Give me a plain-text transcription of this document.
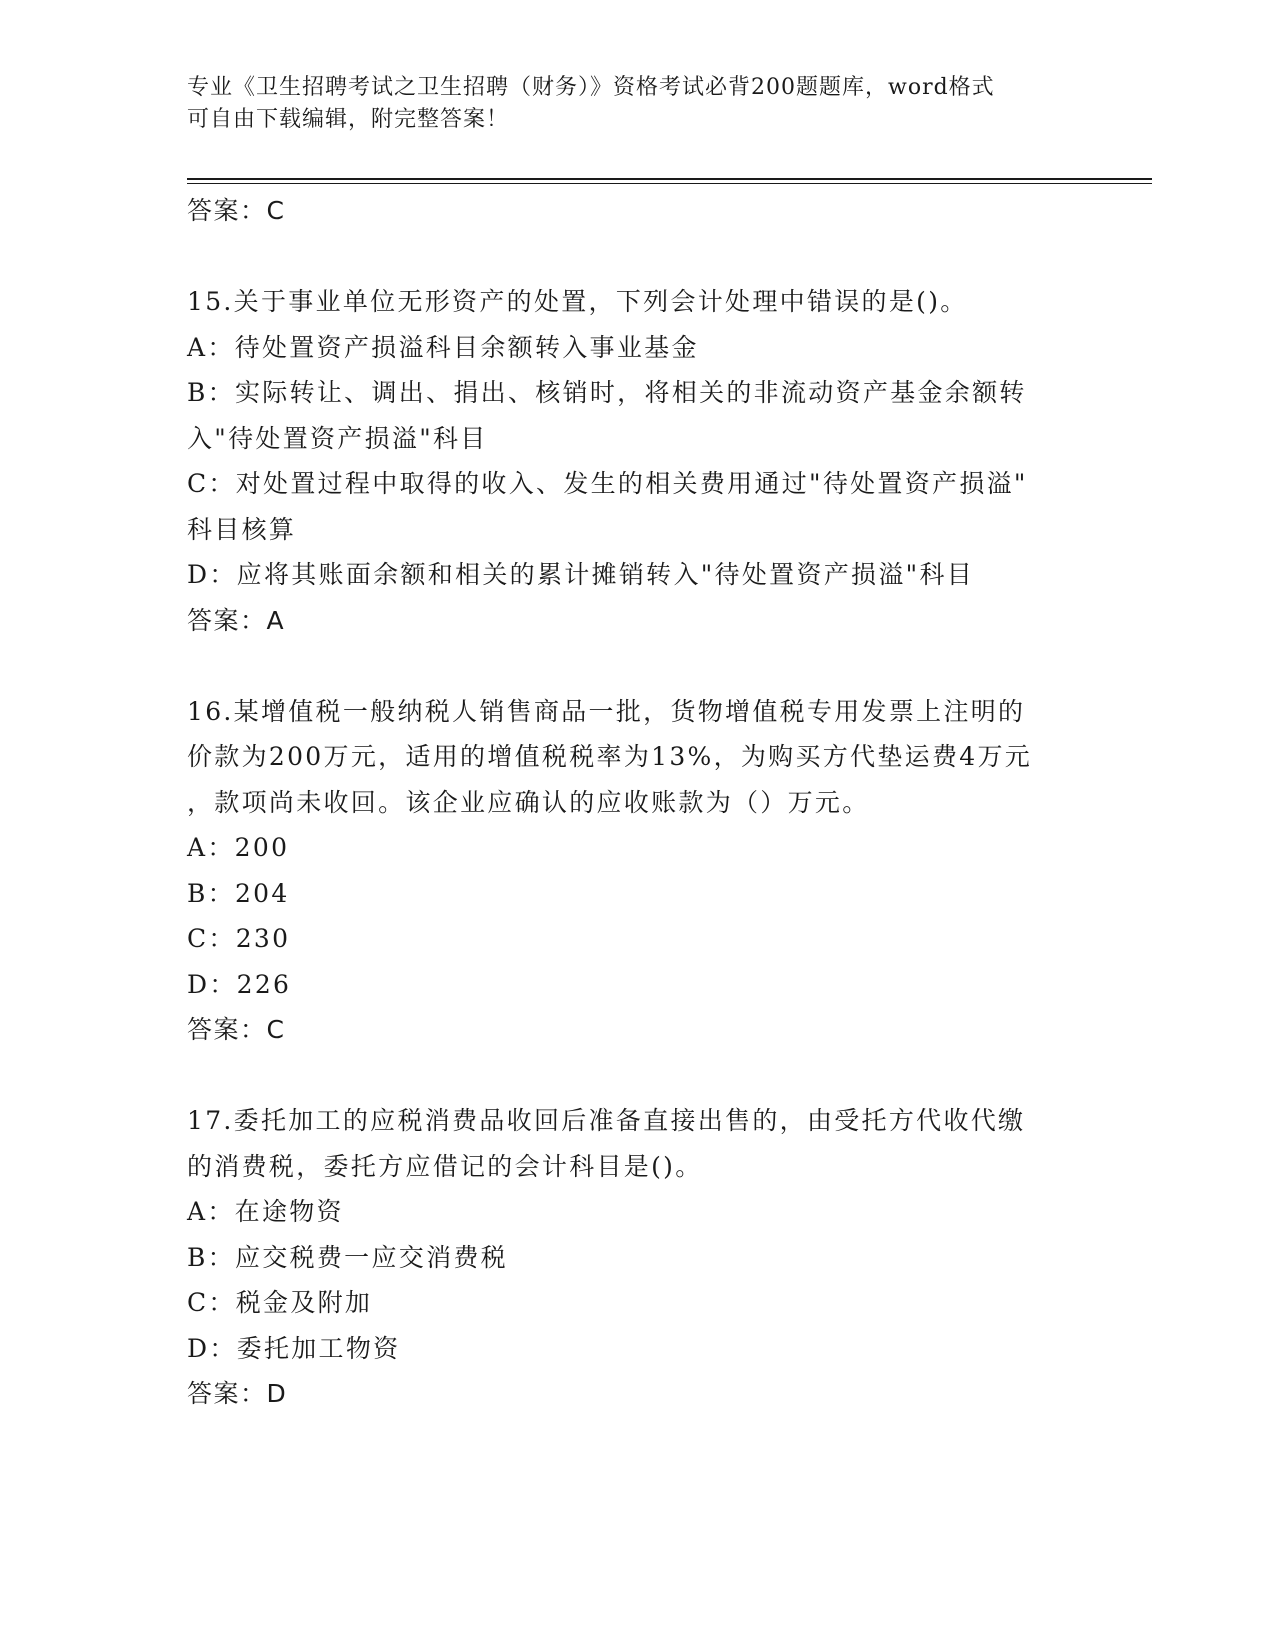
专业《卫生招聘考试之卫生招聘（财务）》资格考试必背200题题库，word格式
可自由下载编辑，附完整答案！
答案：C
15.关于事业单位无形资产的处置，下列会计处理中错误的是()。
A：待处置资产损溢科目余额转入事业基金
B：实际转让、调出、捐出、核销时，将相关的非流动资产基金余额转
入"待处置资产损溢"科目
C：对处置过程中取得的收入、发生的相关费用通过"待处置资产损溢"
科目核算
D：应将其账面余额和相关的累计摊销转入"待处置资产损溢"科目
答案：A
16.某增值税一般纳税人销售商品一批，货物增值税专用发票上注明的
价款为200万元，适用的增值税税率为13%，为购买方代垫运费4万元
，款项尚未收回。该企业应确认的应收账款为（）万元。
A：200
B：204
C：230
D：226
答案：C
17.委托加工的应税消费品收回后准备直接出售的，由受托方代收代缴
的消费税，委托方应借记的会计科目是()。
A：在途物资
B：应交税费一应交消费税
C：税金及附加
D：委托加工物资
答案：D
